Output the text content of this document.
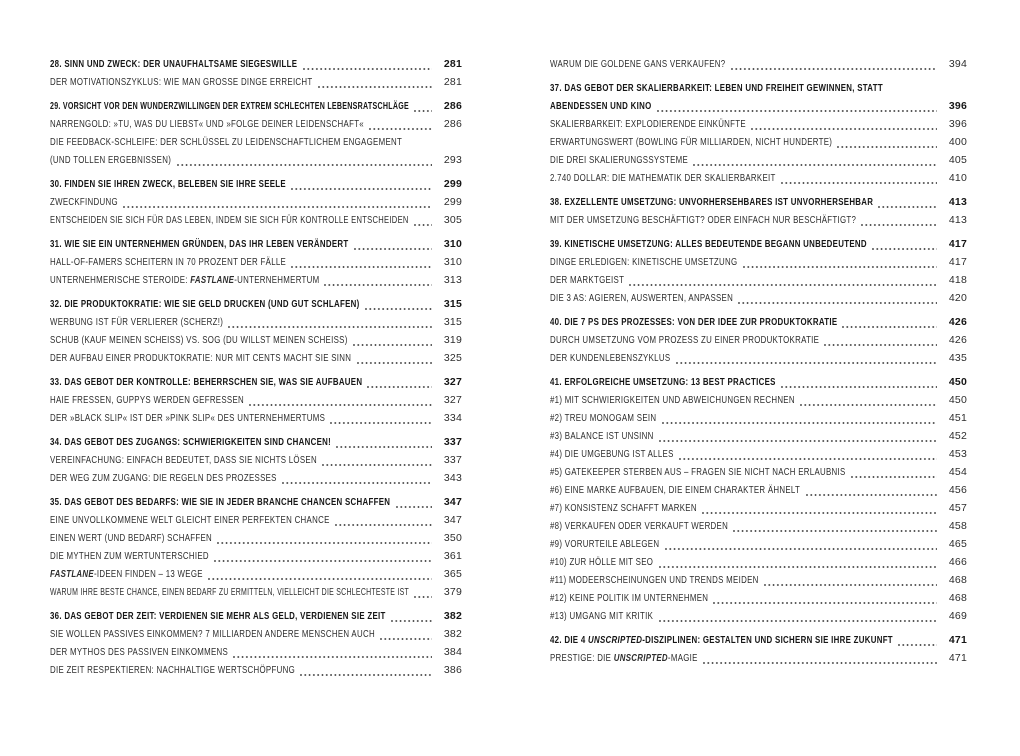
28. SINN UND ZWECK: DER UNAUFHALTSAME SIEGESWILLE	281
DER MOTIVATIONSZYKLUS: WIE MAN GROSSE DINGE ERREICHT	281
29. VORSICHT VOR DEN WUNDERZWILLINGEN DER EXTREM SCHLECHTEN LEBENSRATSCHLÄGE	286
NARRENGOLD: »TU, WAS DU LIEBST« UND »FOLGE DEINER LEIDENSCHAFT«	286
DIE FEEDBACK-SCHLEIFE: DER SCHLÜSSEL ZU LEIDENSCHAFTLICHEM ENGAGEMENT
(UND TOLLEN ERGEBNISSEN)	293
30. FINDEN SIE IHREN ZWECK, BELEBEN SIE IHRE SEELE	299
ZWECKFINDUNG	299
ENTSCHEIDEN SIE SICH FÜR DAS LEBEN, INDEM SIE SICH FÜR KONTROLLE ENTSCHEIDEN	305
31. WIE SIE EIN UNTERNEHMEN GRÜNDEN, DAS IHR LEBEN VERÄNDERT	310
HALL-OF-FAMERS SCHEITERN IN 70 PROZENT DER FÄLLE	310
UNTERNEHMERISCHE STEROIDE: FASTLANE-UNTERNEHMERTUM	313
32. DIE PRODUKTOKRATIE: WIE SIE GELD DRUCKEN (UND GUT SCHLAFEN)	315
WERBUNG IST FÜR VERLIERER (SCHERZ!)	315
SCHUB (KAUF MEINEN SCHEISS) VS. SOG (DU WILLST MEINEN SCHEISS)	319
DER AUFBAU EINER PRODUKTOKRATIE: NUR MIT CENTS MACHT SIE SINN	325
33. DAS GEBOT DER KONTROLLE: BEHERRSCHEN SIE, WAS SIE AUFBAUEN	327
HAIE FRESSEN, GUPPYS WERDEN GEFRESSEN	327
DER »BLACK SLIP« IST DER »PINK SLIP« DES UNTERNEHMERTUMS	334
34. DAS GEBOT DES ZUGANGS: SCHWIERIGKEITEN SIND CHANCEN!	337
VEREINFACHUNG: EINFACH BEDEUTET, DASS SIE NICHTS LÖSEN	337
DER WEG ZUM ZUGANG: DIE REGELN DES PROZESSES	343
35. DAS GEBOT DES BEDARFS: WIE SIE IN JEDER BRANCHE CHANCEN SCHAFFEN	347
EINE UNVOLLKOMMENE WELT GLEICHT EINER PERFEKTEN CHANCE	347
EINEN WERT (UND BEDARF) SCHAFFEN	350
DIE MYTHEN ZUM WERTUNTERSCHIED	361
FASTLANE-IDEEN FINDEN – 13 WEGE	365
WARUM IHRE BESTE CHANCE, EINEN BEDARF ZU ERMITTELN, VIELLEICHT DIE SCHLECHTESTE IST	379
36. DAS GEBOT DER ZEIT: VERDIENEN SIE MEHR ALS GELD, VERDIENEN SIE ZEIT	382
SIE WOLLEN PASSIVES EINKOMMEN? 7 MILLIARDEN ANDERE MENSCHEN AUCH	382
DER MYTHOS DES PASSIVEN EINKOMMENS	384
DIE ZEIT RESPEKTIEREN: NACHHALTIGE WERTSCHÖPFUNG	386
WARUM DIE GOLDENE GANS VERKAUFEN?	394
37. DAS GEBOT DER SKALIERBARKEIT: LEBEN UND FREIHEIT GEWINNEN, STATT
ABENDESSEN UND KINO	396
SKALIERBARKEIT: EXPLODIERENDE EINKÜNFTE	396
ERWARTUNGSWERT (BOWLING FÜR MILLIARDEN, NICHT HUNDERTE)	400
DIE DREI SKALIERUNGSSYSTEME	405
2.740 DOLLAR: DIE MATHEMATIK DER SKALIERBARKEIT	410
38. EXZELLENTE UMSETZUNG: UNVORHERSEHBARES IST UNVORHERSEHBAR	413
MIT DER UMSETZUNG BESCHÄFTIGT? ODER EINFACH NUR BESCHÄFTIGT?	413
39. KINETISCHE UMSETZUNG: ALLES BEDEUTENDE BEGANN UNBEDEUTEND	417
DINGE ERLEDIGEN: KINETISCHE UMSETZUNG	417
DER MARKTGEIST	418
DIE 3 AS: AGIEREN, AUSWERTEN, ANPASSEN	420
40. DIE 7 PS DES PROZESSES: VON DER IDEE ZUR PRODUKTOKRATIE	426
DURCH UMSETZUNG VOM PROZESS ZU EINER PRODUKTOKRATIE	426
DER KUNDENLEBENSZYKLUS	435
41. ERFOLGREICHE UMSETZUNG: 13 BEST PRACTICES	450
#1) MIT SCHWIERIGKEITEN UND ABWEICHUNGEN RECHNEN	450
#2) TREU MONOGAM SEIN	451
#3) BALANCE IST UNSINN	452
#4) DIE UMGEBUNG IST ALLES	453
#5) GATEKEEPER STERBEN AUS – FRAGEN SIE NICHT NACH ERLAUBNIS	454
#6) EINE MARKE AUFBAUEN, DIE EINEM CHARAKTER ÄHNELT	456
#7) KONSISTENZ SCHAFFT MARKEN	457
#8) VERKAUFEN ODER VERKAUFT WERDEN	458
#9) VORURTEILE ABLEGEN	465
#10) ZUR HÖLLE MIT SEO	466
#11) MODEERSCHEINUNGEN UND TRENDS MEIDEN	468
#12) KEINE POLITIK IM UNTERNEHMEN	468
#13) UMGANG MIT KRITIK	469
42. DIE 4 UNSCRIPTED-DISZIPLINEN: GESTALTEN UND SICHERN SIE IHRE ZUKUNFT	471
PRESTIGE: DIE UNSCRIPTED-MAGIE	471
